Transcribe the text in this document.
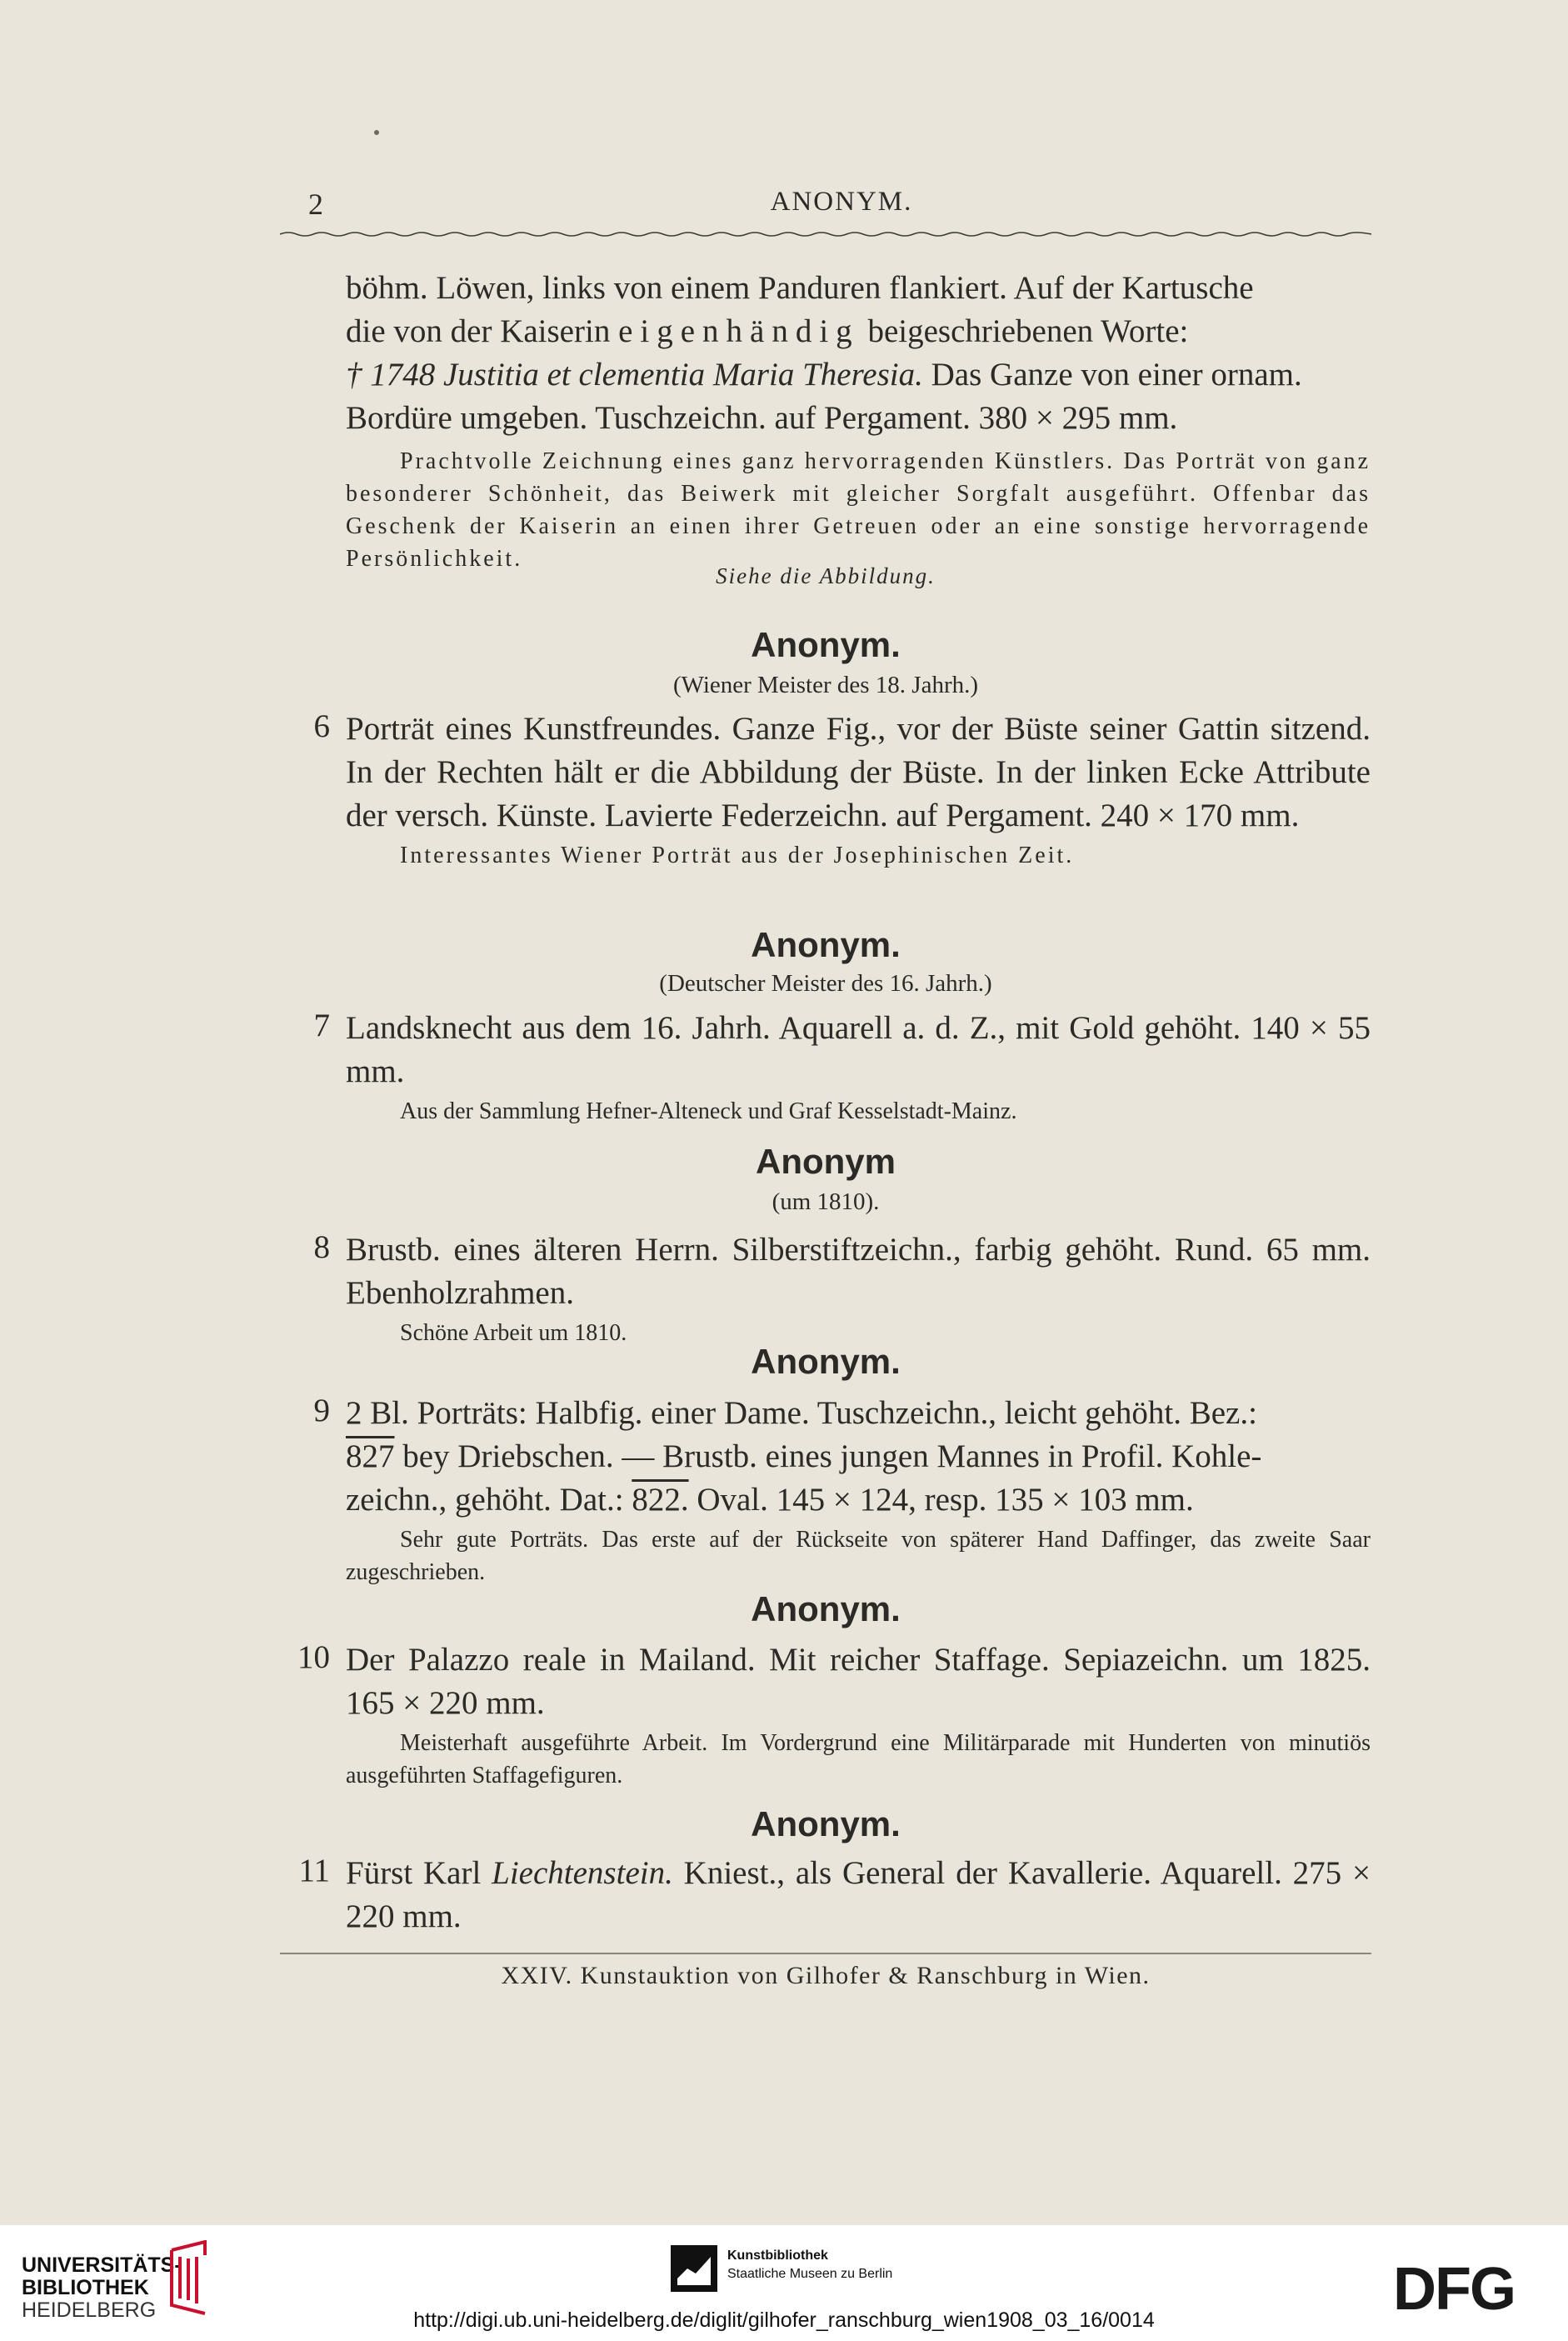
2	ANONYM.

böhm. Löwen, links von einem Panduren flankiert. Auf der Kartusche

die von der Kaiserin eigenhändig beigeschriebenen Worte:

† 1748 Justitia et clementia Maria Theresia. Das Ganze von einer ornam.

Bordüre umgeben. Tuschzeichn. auf Pergament. 380 × 295 mm.

Prachtvolle Zeichnung eines ganz hervorragenden Künstlers. Das Porträt von ganz besonderer Schönheit, das Beiwerk mit gleicher Sorgfalt ausgeführt. Offenbar das Geschenk der Kaiserin an einen ihrer Getreuen oder an eine sonstige hervorragende Persönlichkeit.

Siehe die Abbildung.
Anonym.
(Wiener Meister des 18. Jahrh.)
6 Porträt eines Kunstfreundes. Ganze Fig., vor der Büste seiner Gattin sitzend. In der Rechten hält er die Abbildung der Büste. In der linken Ecke Attribute der versch. Künste. Lavierte Federzeichn. auf Pergament. 240 × 170 mm.

Interessantes Wiener Porträt aus der Josephinischen Zeit.

Anonym.
(Deutscher Meister des 16. Jahrh.)
7 Landsknecht aus dem 16. Jahrh. Aquarell a. d. Z., mit Gold gehöht. 140 × 55 mm.

Aus der Sammlung Hefner-Alteneck und Graf Kesselstadt-Mainz.

Anonym
(um 1810).
8 Brustb. eines älteren Herrn. Silberstiftzeichn., farbig gehöht. Rund. 65 mm. Ebenholzrahmen.

Schöne Arbeit um 1810.

Anonym.
9 2 Bl. Porträts: Halbfig. einer Dame. Tuschzeichn., leicht gehöht. Bez.:

827 bey Driebschen. — Brustb. eines jungen Mannes in Profil. Kohle-

zeichn., gehöht. Dat.: 822. Oval. 145 × 124, resp. 135 × 103 mm.

Sehr gute Porträts. Das erste auf der Rückseite von späterer Hand Daffinger, das zweite Saar zugeschrieben.

Anonym.
10 Der Palazzo reale in Mailand. Mit reicher Staffage. Sepiazeichn. um 1825. 165 × 220 mm.

Meisterhaft ausgeführte Arbeit. Im Vordergrund eine Militärparade mit Hunderten von minutiös ausgeführten Staffagefiguren.

Anonym.
11 Fürst Karl Liechtenstein. Kniest., als General der Kavallerie. Aquarell. 275 × 220 mm.

XXIV. Kunstauktion von Gilhofer & Ranschburg in Wien.
UNIVERSITÄTS-
BIBLIOTHEK
HEIDELBERG
Kunstbibliothek
Staatliche Museen zu Berlin	DFG
http://digi.ub.uni-heidelberg.de/diglit/gilhofer_ranschburg_wien1908_03_16/0014
